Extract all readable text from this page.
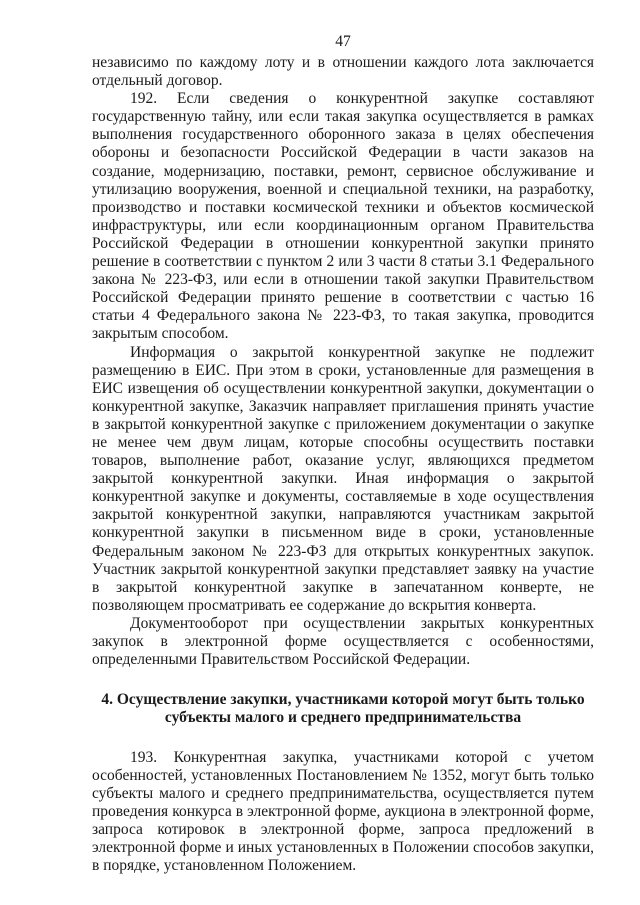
47

независимо по каждому лоту и в отношении каждого лота заключается отдельный договор.

192. Если сведения о конкурентной закупке составляют государственную тайну, или если такая закупка осуществляется в рамках выполнения государственного оборонного заказа в целях обеспечения обороны и безопасности Российской Федерации в части заказов на создание, модернизацию, поставки, ремонт, сервисное обслуживание и утилизацию вооружения, военной и специальной техники, на разработку, производство и поставки космической техники и объектов космической инфраструктуры, или если координационным органом Правительства Российской Федерации в отношении конкурентной закупки принято решение в соответствии с пунктом 2 или 3 части 8 статьи 3.1 Федерального закона № 223-ФЗ, или если в отношении такой закупки Правительством Российской Федерации принято решение в соответствии с частью 16 статьи 4 Федерального закона № 223-ФЗ, то такая закупка, проводится закрытым способом.

Информация о закрытой конкурентной закупке не подлежит размещению в ЕИС. При этом в сроки, установленные для размещения в ЕИС извещения об осуществлении конкурентной закупки, документации о конкурентной закупке, Заказчик направляет приглашения принять участие в закрытой конкурентной закупке с приложением документации о закупке не менее чем двум лицам, которые способны осуществить поставки товаров, выполнение работ, оказание услуг, являющихся предметом закрытой конкурентной закупки. Иная информация о закрытой конкурентной закупке и документы, составляемые в ходе осуществления закрытой конкурентной закупки, направляются участникам закрытой конкурентной закупки в письменном виде в сроки, установленные Федеральным законом № 223-ФЗ для открытых конкурентных закупок. Участник закрытой конкурентной закупки представляет заявку на участие в закрытой конкурентной закупке в запечатанном конверте, не позволяющем просматривать ее содержание до вскрытия конверта.

Документооборот при осуществлении закрытых конкурентных закупок в электронной форме осуществляется с особенностями, определенными Правительством Российской Федерации.

4. Осуществление закупки, участниками которой могут быть только
субъекты малого и среднего предпринимательства

193. Конкурентная закупка, участниками которой с учетом особенностей, установленных Постановлением № 1352, могут быть только субъекты малого и среднего предпринимательства, осуществляется путем проведения конкурса в электронной форме, аукциона в электронной форме, запроса котировок в электронной форме, запроса предложений в электронной форме и иных установленных в Положении способов закупки, в порядке, установленном Положением.
